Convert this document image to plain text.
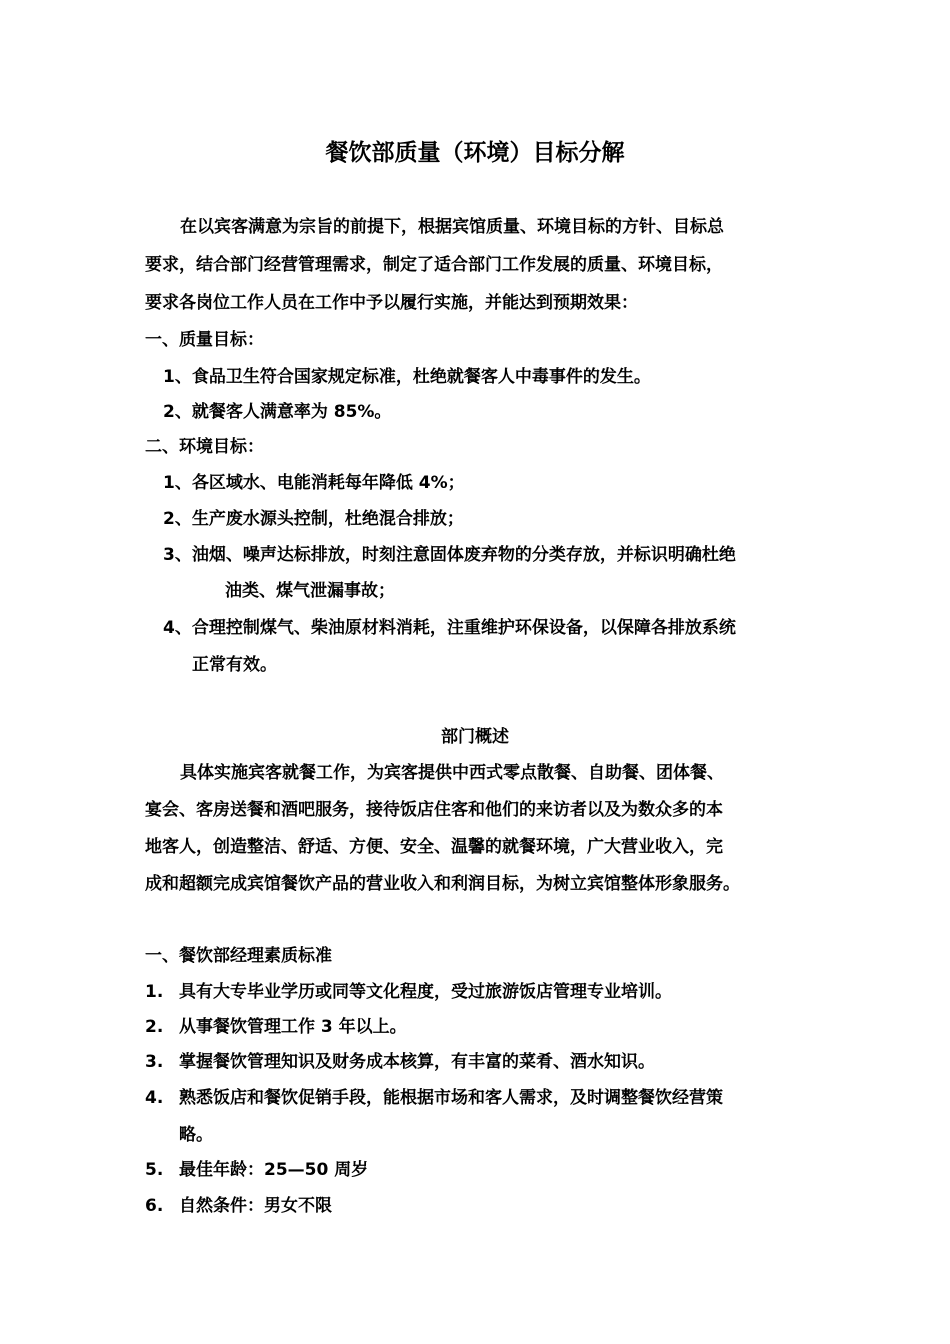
餐饮部质量（环境）目标分解
在以宾客满意为宗旨的前提下，根据宾馆质量、环境目标的方针、目标总
要求，结合部门经营管理需求，制定了适合部门工作发展的质量、环境目标，
要求各岗位工作人员在工作中予以履行实施，并能达到预期效果：
一、质量目标：
1、食品卫生符合国家规定标准，杜绝就餐客人中毒事件的发生。
2、就餐客人满意率为 85%。
二、环境目标：
1、各区域水、电能消耗每年降低 4%；
2、生产废水源头控制，杜绝混合排放；
3、油烟、噪声达标排放，时刻注意固体废弃物的分类存放，并标识明确杜绝
油类、煤气泄漏事故；
4、合理控制煤气、柴油原材料消耗，注重维护环保设备，以保障各排放系统
正常有效。
部门概述
具体实施宾客就餐工作，为宾客提供中西式零点散餐、自助餐、团体餐、
宴会、客房送餐和酒吧服务，接待饭店住客和他们的来访者以及为数众多的本
地客人，创造整洁、舒适、方便、安全、温馨的就餐环境，广大营业收入，完
成和超额完成宾馆餐饮产品的营业收入和利润目标，为树立宾馆整体形象服务。
一、餐饮部经理素质标准
1. 具有大专毕业学历或同等文化程度，受过旅游饭店管理专业培训。
2. 从事餐饮管理工作 3 年以上。
3. 掌握餐饮管理知识及财务成本核算，有丰富的菜肴、酒水知识。
4. 熟悉饭店和餐饮促销手段，能根据市场和客人需求，及时调整餐饮经营策
略。
5. 最佳年龄：25—50 周岁
6. 自然条件：男女不限
